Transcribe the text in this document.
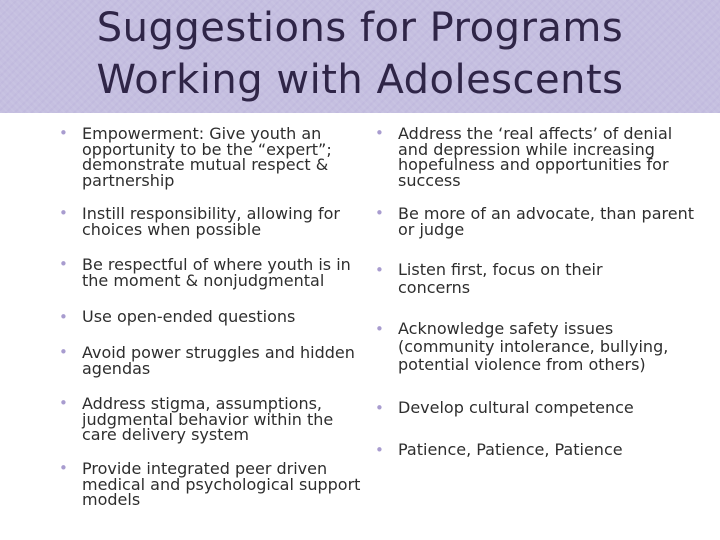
Suggestions for Programs
Working with Adolescents
• Empowerment: Give youth an opportunity to be the “expert”; demonstrate mutual respect & partnership
• Instill responsibility, allowing for choices when possible
• Be respectful of where youth is in the moment & nonjudgmental
• Use open-ended questions
• Avoid power struggles and hidden agendas
• Address stigma, assumptions, judgmental behavior within the care delivery system
• Provide integrated peer driven medical and psychological support models
• Address the ‘real affects’ of denial and depression while increasing hopefulness and opportunities for success
• Be more of an advocate, than parent or judge
• Listen first, focus on their concerns
• Acknowledge safety issues (community intolerance, bullying, potential violence from others)
• Develop cultural competence
• Patience, Patience, Patience
